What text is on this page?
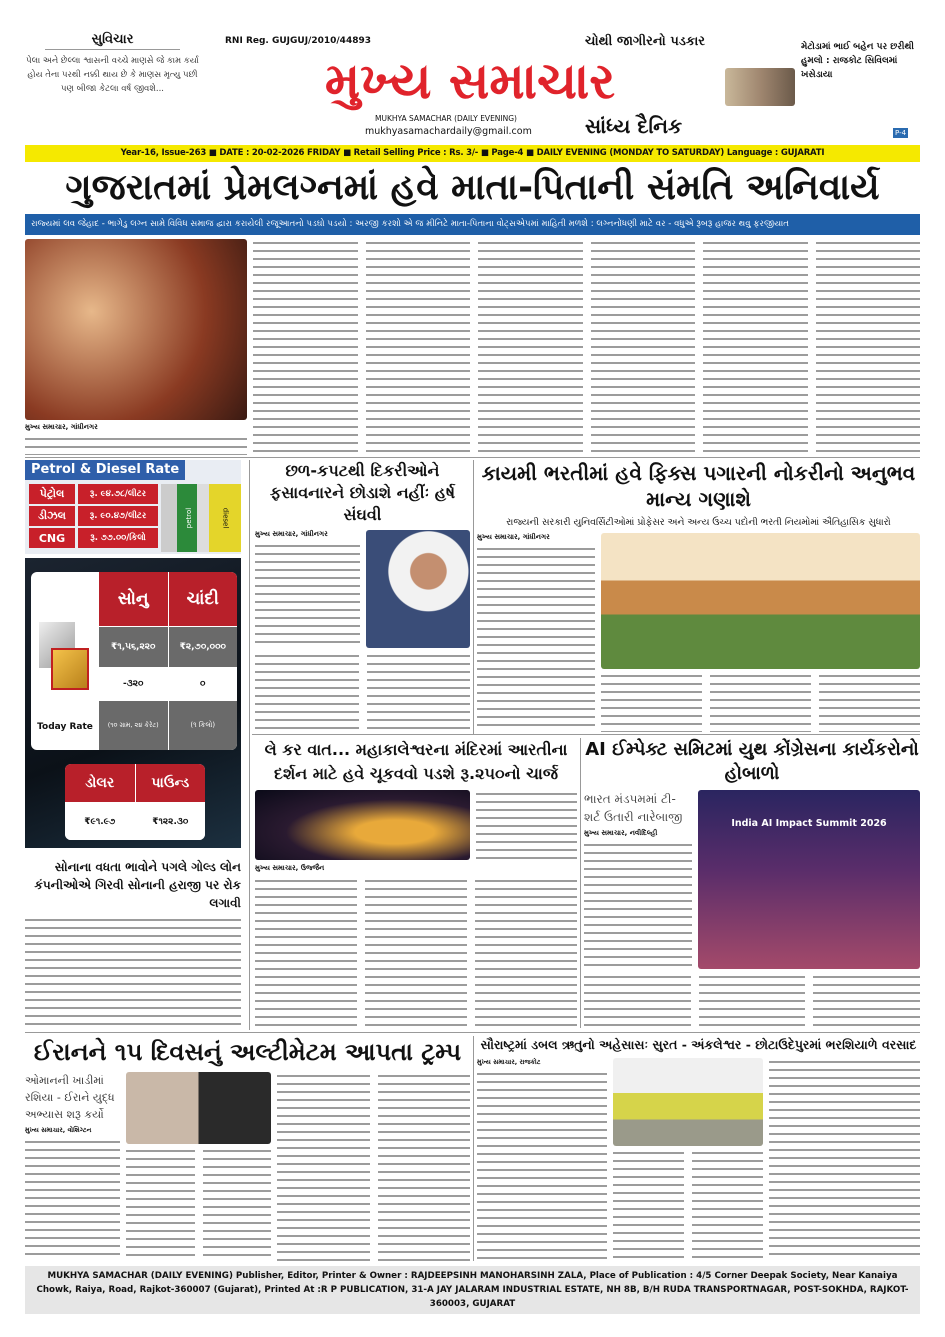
સુવિચાર
પેલા અને છેલ્લા શ્વાસની વચ્ચે માણસે જે કામ કર્યા હોય તેના પરથી નક્કી થાય છે કે માણસ મૃત્યુ પછી પણ બીજા કેટલા વર્ષ જીવશે...
RNI Reg. GUJGUJ/2010/44893	ચોથી જાગીરનો પડકાર
મુખ્ય સમાચાર
MUKHYA SAMACHAR (DAILY EVENING)
mukhyasamachardaily@gmail.com	સાંધ્ય દૈનિક
મેટોડામાં ભાઈ બહેન પર છરીથી હુમલો : રાજકોટ સિવિલમાં ખસેડાયા
P-4
Year-16, Issue-263 ■ DATE : 20-02-2026 FRIDAY ■ Retail Selling Price : Rs. 3/- ■ Page-4 ■ DAILY EVENING (MONDAY TO SATURDAY) Language : GUJARATI
ગુજરાતમાં પ્રેમલગ્નમાં હવે માતા-પિતાની સંમતિ અનિવાર્ય
રાજ્યમાં લવ જેહાદ - ભાગેડુ લગ્ન સામે વિવિધ સમાજ દ્વારા કરાયેલી રજૂઆતનો પડઘો પડયો : અરજી કરશો એ જ મીનિટે માતા-પિતાના વોટ્સએપમાં માહિતી મળશે : લગ્નનોંધણી માટે વર - વધુએ રૂબરૂ હાજર થવુ ફરજીયાત
મુખ્ય સમાચાર, ગાંધીનગર
Petrol & Diesel Rate
પેટ્રોલ	રૂ. ૯૪.૭૮/લીટર
ડીઝલ	રૂ. ૯૦.૪૭/લીટર
CNG	રૂ. ૭૭.૦૦/કિલો
petrol	diesel
Today Rate
સોનુ	ચાંદી
₹૧,૫૬,૨૨૦	₹૨,૭૦,૦૦૦
-૩૨૦	૦
(૧૦ ગ્રામ, ૨૪ કેરેટ)	(૧ કિલો)
ડોલર	પાઉન્ડ
₹૯૧.૯૭	₹૧૨૨.૩૦
સોનાના વધતા ભાવોને પગલે ગોલ્ડ લોન કંપનીઓએ ગિરવી સોનાની હરાજી પર રોક લગાવી
છળ-કપટથી દિકરીઓને ફસાવનારને છોડાશે નહીંઃ હર્ષ સંઘવી
મુખ્ય સમાચાર, ગાંધીનગર
કાયમી ભરતીમાં હવે ફિક્સ પગારની નોકરીનો અનુભવ માન્ય ગણાશે
રાજ્યની સરકારી યુનિવર્સિટીઓમાં પ્રોફેસર અને અન્ય ઉચ્ચ પદોની ભરતી નિયમોમાં ઐતિહાસિક સુધારો
મુખ્ય સમાચાર, ગાંધીનગર
લે કર વાત... મહાકાલેશ્વરના મંદિરમાં આરતીના દર્શન માટે હવે ચૂકવવો પડશે રૂ.૨૫૦નો ચાર્જ
મુખ્ય સમાચાર, ઉજ્જૈન
AI ઈમ્પેક્ટ સમિટમાં યુથ કોંગ્રેસના કાર્યકરોનો હોબાળો
ભારત મંડપમમાં ટી-શર્ટ ઉતારી નારેબાજી
મુખ્ય સમાચાર, નવીદિલ્હી
India AI Impact Summit 2026
ઈરાનને ૧૫ દિવસનું અલ્ટીમેટમ આપતા ટ્રમ્પ
ઓમાનની ખાડીમાં રશિયા - ઈરાને યુદ્ધ અભ્યાસ શરૂ કર્યો
મુખ્ય સમાચાર, વોશિંગ્ટન
સૌરાષ્ટ્રમાં ડબલ ઋતુનો અહેસાસઃ સુરત - અંકલેશ્વર - છોટાઉદેપુરમાં ભરશિયાળે વરસાદ
મુખ્ય સમાચાર, રાજકોટ
MUKHYA SAMACHAR (DAILY EVENING) Publisher, Editor, Printer & Owner : RAJDEEPSINH MANOHARSINH ZALA, Place of Publication : 4/5 Corner Deepak Society, Near Kanaiya Chowk, Raiya, Road, Rajkot-360007 (Gujarat), Printed At :R P PUBLICATION, 31-A JAY JALARAM INDUSTRIAL ESTATE, NH 8B, B/H RUDA TRANSPORTNAGAR, POST-SOKHDA, RAJKOT-360003, GUJARAT
